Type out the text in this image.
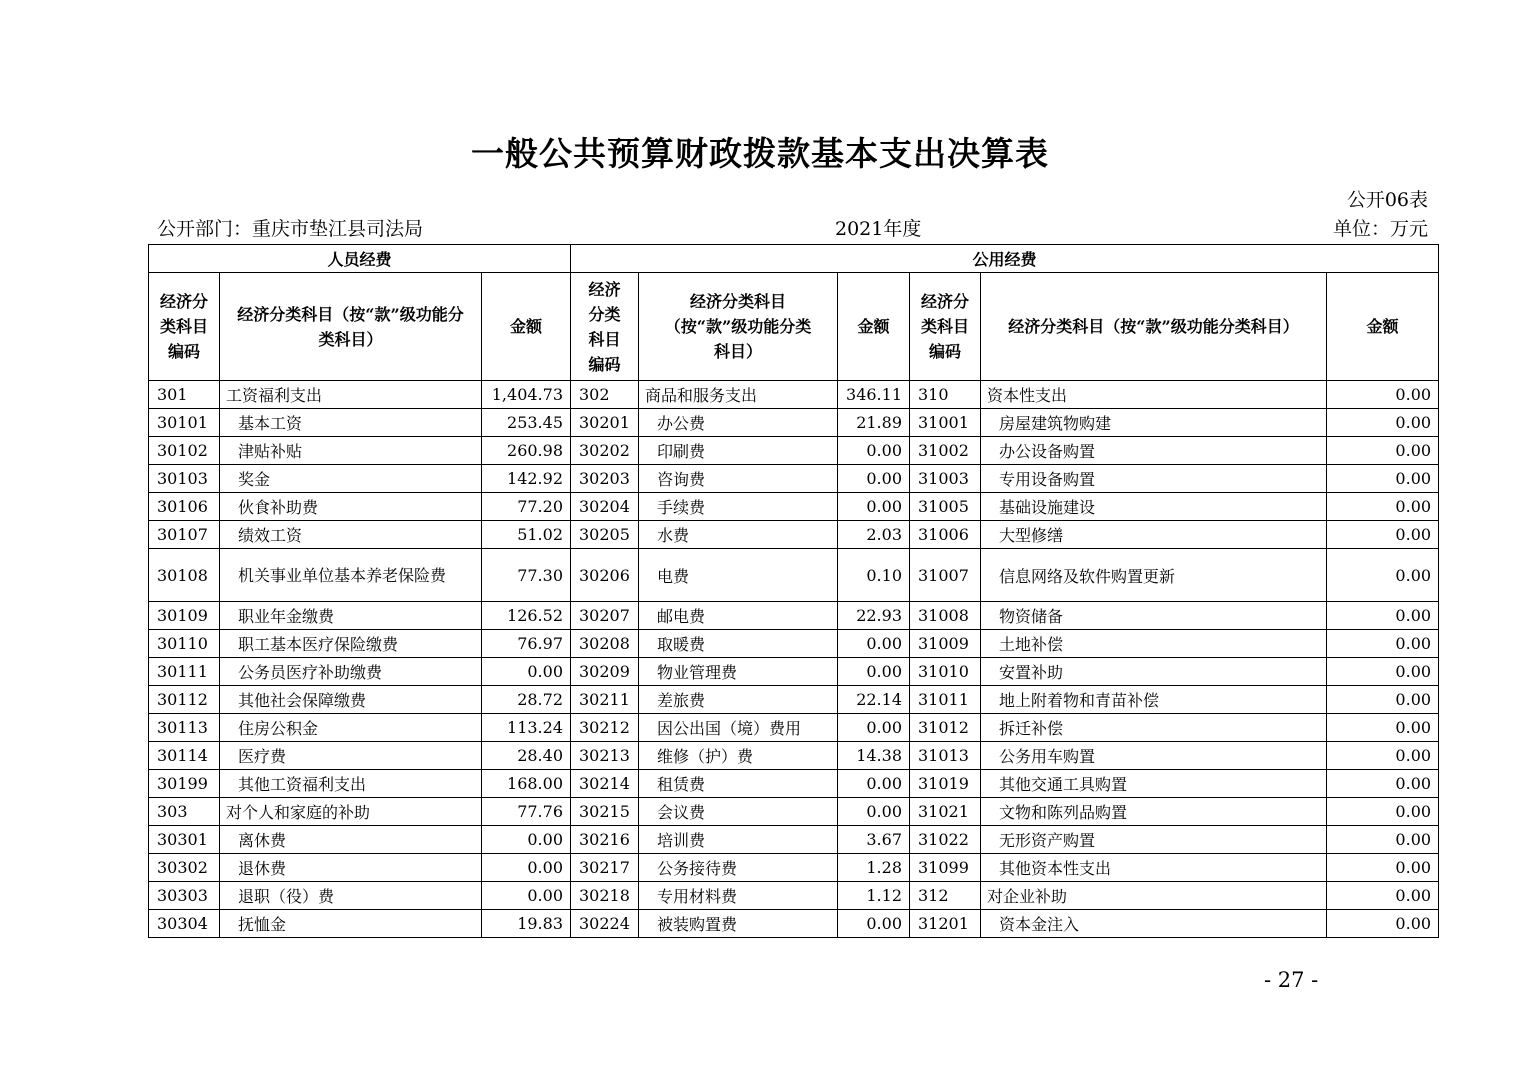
一般公共预算财政拨款基本支出决算表
公开06表
公开部门：重庆市垫江县司法局	2021年度	单位：万元
人员经费			公用经费					
经济分类科目编码	经济分类科目（按“款”级功能分类科目）	金额	经济分类科目编码	经济分类科目（按“款”级功能分类科目）	金额	经济分类科目编码	经济分类科目（按“款”级功能分类科目）	金额
301	工资福利支出	1,404.73	302	商品和服务支出	346.11	310	资本性支出	0.00
30101	基本工资	253.45	30201	办公费	21.89	31001	房屋建筑物购建	0.00
30102	津贴补贴	260.98	30202	印刷费	0.00	31002	办公设备购置	0.00
30103	奖金	142.92	30203	咨询费	0.00	31003	专用设备购置	0.00
30106	伙食补助费	77.20	30204	手续费	0.00	31005	基础设施建设	0.00
30107	绩效工资	51.02	30205	水费	2.03	31006	大型修缮	0.00
30108	机关事业单位基本养老保险费	77.30	30206	电费	0.10	31007	信息网络及软件购置更新	0.00
30109	职业年金缴费	126.52	30207	邮电费	22.93	31008	物资储备	0.00
30110	职工基本医疗保险缴费	76.97	30208	取暖费	0.00	31009	土地补偿	0.00
30111	公务员医疗补助缴费	0.00	30209	物业管理费	0.00	31010	安置补助	0.00
30112	其他社会保障缴费	28.72	30211	差旅费	22.14	31011	地上附着物和青苗补偿	0.00
30113	住房公积金	113.24	30212	因公出国（境）费用	0.00	31012	拆迁补偿	0.00
30114	医疗费	28.40	30213	维修（护）费	14.38	31013	公务用车购置	0.00
30199	其他工资福利支出	168.00	30214	租赁费	0.00	31019	其他交通工具购置	0.00
303	对个人和家庭的补助	77.76	30215	会议费	0.00	31021	文物和陈列品购置	0.00
30301	离休费	0.00	30216	培训费	3.67	31022	无形资产购置	0.00
30302	退休费	0.00	30217	公务接待费	1.28	31099	其他资本性支出	0.00
30303	退职（役）费	0.00	30218	专用材料费	1.12	312	对企业补助	0.00
30304	抚恤金	19.83	30224	被装购置费	0.00	31201	资本金注入	0.00
- 27 -
